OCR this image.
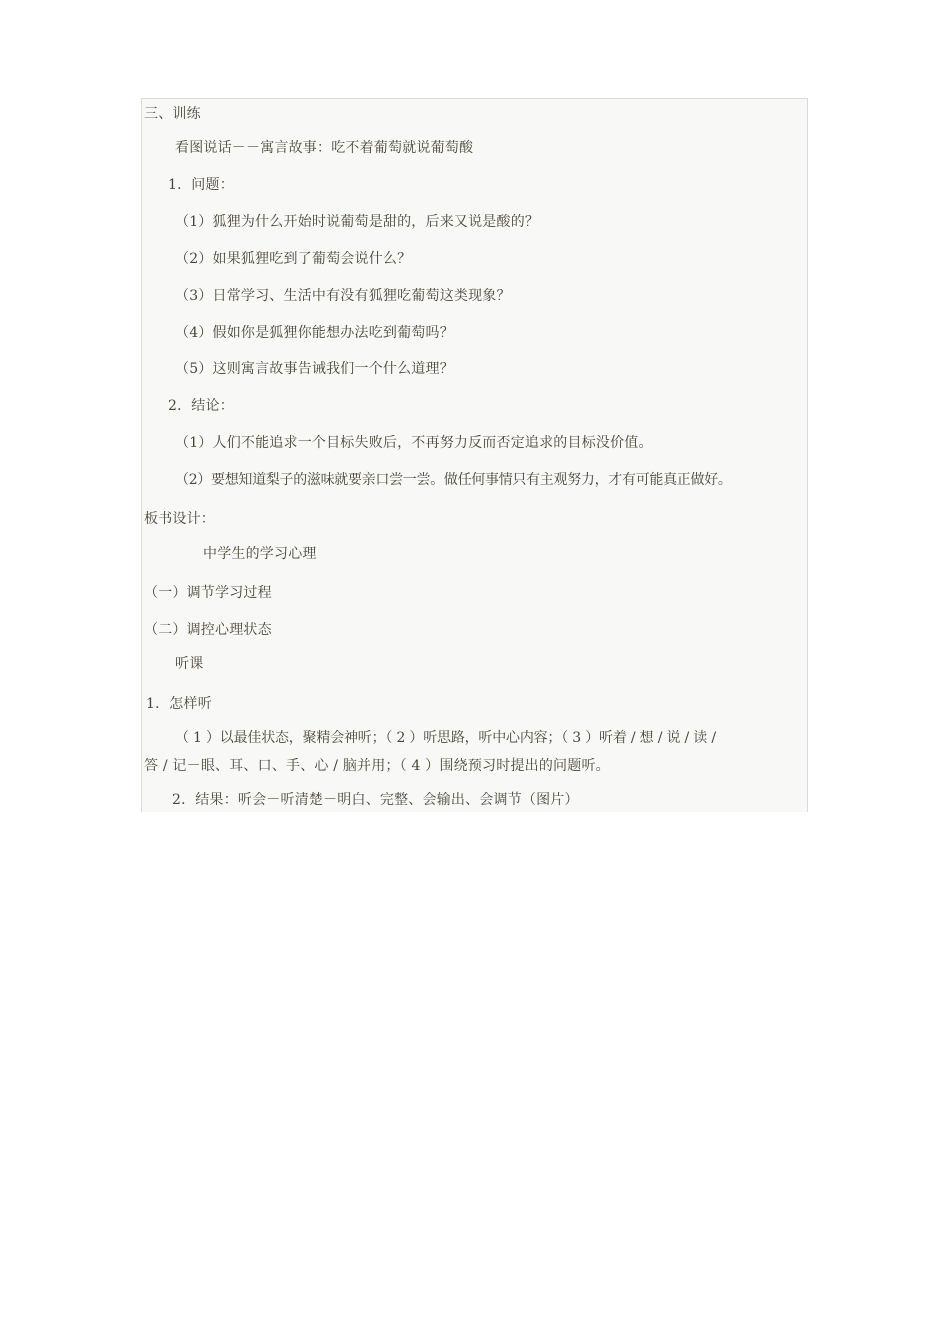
三、训练
看图说话－－寓言故事：吃不着葡萄就说葡萄酸
1．问题：
（1）狐狸为什么开始时说葡萄是甜的，后来又说是酸的？
（2）如果狐狸吃到了葡萄会说什么？
（3）日常学习、生活中有没有狐狸吃葡萄这类现象？
（4）假如你是狐狸你能想办法吃到葡萄吗？
（5）这则寓言故事告诫我们一个什么道理？
2．结论：
（1）人们不能追求一个目标失败后，不再努力反而否定追求的目标没价值。
（2）要想知道梨子的滋味就要亲口尝一尝。做任何事情只有主观努力，才有可能真正做好。
板书设计：
中学生的学习心理
（一）调节学习过程
（二）调控心理状态
听课
1．怎样听
（ 1 ）以最佳状态，聚精会神听；（ 2 ）听思路，听中心内容；（ 3 ）听着 / 想 / 说 / 读 /
答 / 记－眼、耳、口、手、心 / 脑并用；（ 4 ）围绕预习时提出的问题听。
2．结果：听会－听清楚－明白、完整、会输出、会调节（图片）
